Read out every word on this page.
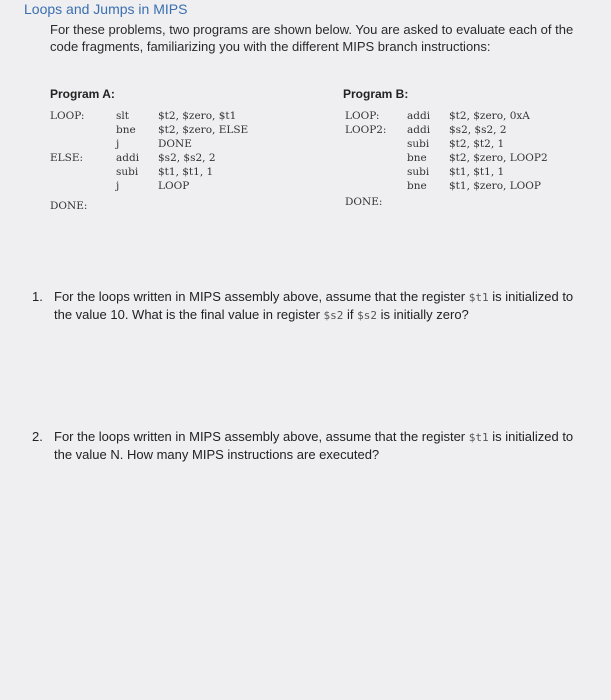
Loops and Jumps in MIPS
For these problems, two programs are shown below. You are asked to evaluate each of the code fragments, familiarizing you with the different MIPS branch instructions:
Program A:
LOOP:	slt	$t2, $zero, $t1
bne $t2, $zero, ELSE
j	DONE
ELSE:	addi $s2, $s2, 2
subi $t1, $t1, 1
j	LOOP
DONE:
Program B:
LOOP:	addi $t2, $zero, 0xA
LOOP2: addi $s2, $s2, 2
subi $t2, $t2, 1
bne $t2, $zero, LOOP2
subi $t1, $t1, 1
bne $t1, $zero, LOOP
DONE:
1. For the loops written in MIPS assembly above, assume that the register $t1 is initialized to the value 10. What is the final value in register $s2 if $s2 is initially zero?
2. For the loops written in MIPS assembly above, assume that the register $t1 is initialized to the value N. How many MIPS instructions are executed?
